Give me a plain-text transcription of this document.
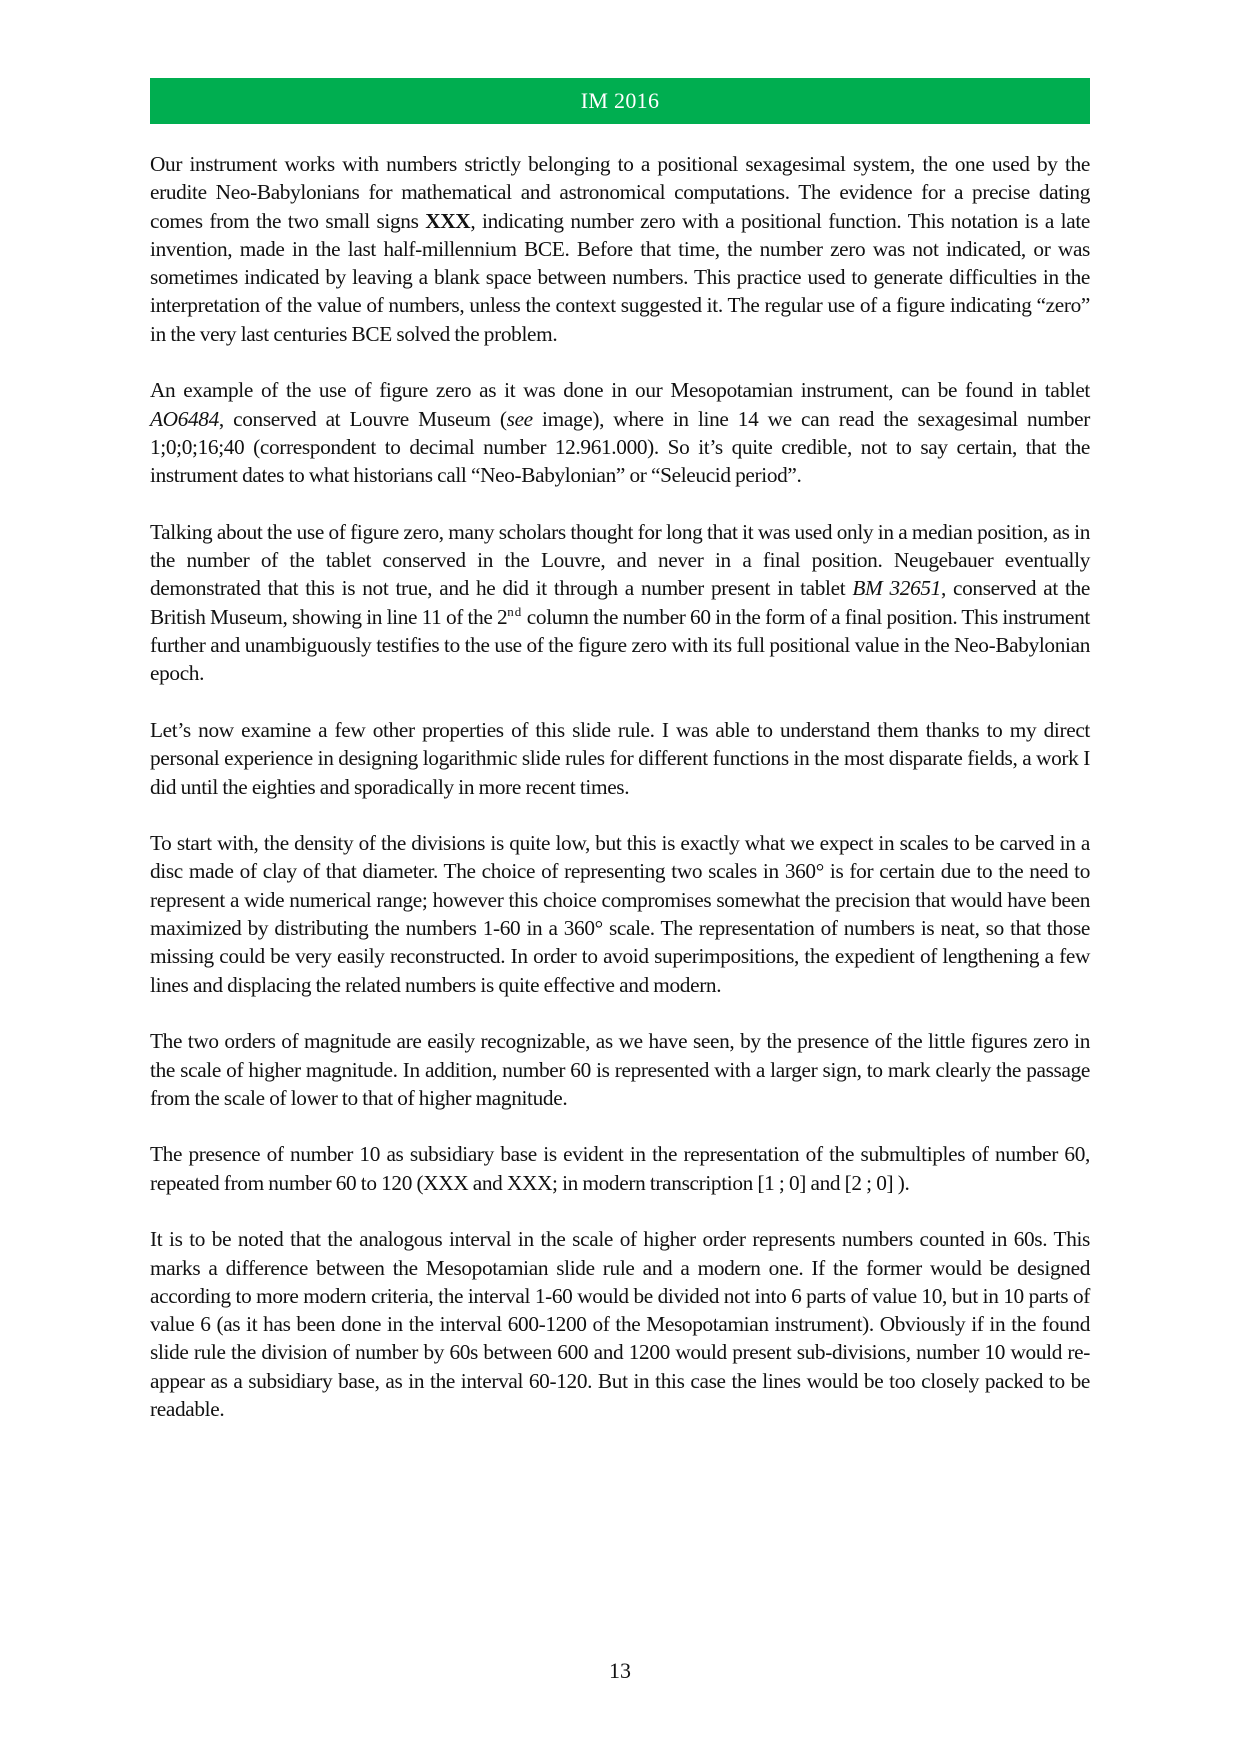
IM 2016

Our instrument works with numbers strictly belonging to a positional sexagesimal system, the one used by the erudite Neo-Babylonians for mathematical and astronomical computations. The evidence for a precise dating comes from the two small signs XXX, indicating number zero with a positional function. This notation is a late invention, made in the last half-millennium BCE. Before that time, the number zero was not indicated, or was sometimes indicated by leaving a blank space between numbers. This practice used to generate difficulties in the interpretation of the value of numbers, unless the context suggested it. The regular use of a figure indicating “zero” in the very last centuries BCE solved the problem.

An example of the use of figure zero as it was done in our Mesopotamian instrument, can be found in tablet AO6484, conserved at Louvre Museum (see image), where in line 14 we can read the sexagesimal number 1;0;0;16;40 (correspondent to decimal number 12.961.000). So it’s quite credible, not to say certain, that the instrument dates to what historians call “Neo-Babylonian” or “Seleucid period”.

Talking about the use of figure zero, many scholars thought for long that it was used only in a median position, as in the number of the tablet conserved in the Louvre, and never in a final position. Neugebauer eventually demonstrated that this is not true, and he did it through a number present in tablet BM 32651, conserved at the British Museum, showing in line 11 of the 2nd column the number 60 in the form of a final position. This instrument further and unambiguously testifies to the use of the figure zero with its full positional value in the Neo-Babylonian epoch.

Let’s now examine a few other properties of this slide rule. I was able to understand them thanks to my direct personal experience in designing logarithmic slide rules for different functions in the most disparate fields, a work I did until the eighties and sporadically in more recent times.

To start with, the density of the divisions is quite low, but this is exactly what we expect in scales to be carved in a disc made of clay of that diameter. The choice of representing two scales in 360° is for certain due to the need to represent a wide numerical range; however this choice compromises somewhat the precision that would have been maximized by distributing the numbers 1-60 in a 360° scale. The representation of numbers is neat, so that those missing could be very easily reconstructed. In order to avoid superimpositions, the expedient of lengthening a few lines and displacing the related numbers is quite effective and modern.

The two orders of magnitude are easily recognizable, as we have seen, by the presence of the little figures zero in the scale of higher magnitude. In addition, number 60 is represented with a larger sign, to mark clearly the passage from the scale of lower to that of higher magnitude.

The presence of number 10 as subsidiary base is evident in the representation of the submultiples of number 60, repeated from number 60 to 120 (XXX and XXX; in modern transcription [1 ; 0] and [2 ; 0] ).

It is to be noted that the analogous interval in the scale of higher order represents numbers counted in 60s. This marks a difference between the Mesopotamian slide rule and a modern one. If the former would be designed according to more modern criteria, the interval 1-60 would be divided not into 6 parts of value 10, but in 10 parts of value 6 (as it has been done in the interval 600-1200 of the Mesopotamian instrument). Obviously if in the found slide rule the division of number by 60s between 600 and 1200 would present sub-divisions, number 10 would re-appear as a subsidiary base, as in the interval 60-120. But in this case the lines would be too closely packed to be readable.

13
